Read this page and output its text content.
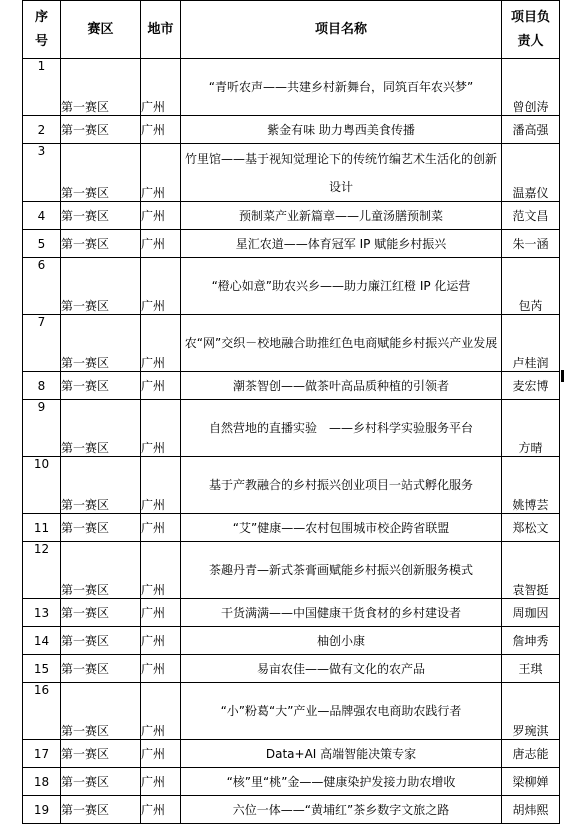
序号	赛区	地市	项目名称	项目负责人
1	第一赛区	广州	“青听农声——共建乡村新舞台，同筑百年农兴梦”	曾创涛
2	第一赛区	广州	紫金有味 助力粤西美食传播	潘高强
3	第一赛区	广州	竹里馆——基于视知觉理论下的传统竹编艺术生活化的创新设计	温嘉仪
4	第一赛区	广州	预制菜产业新篇章——儿童汤膳预制菜	范文昌
5	第一赛区	广州	星汇农道——体育冠军 IP 赋能乡村振兴	朱一涵
6	第一赛区	广州	“橙心如意”助农兴乡——助力廉江红橙 IP 化运营	包芮
7	第一赛区	广州	农“网”交织－校地融合助推红色电商赋能乡村振兴产业发展	卢桂润
8	第一赛区	广州	潮茶智创——做茶叶高品质种植的引领者	麦宏博
9	第一赛区	广州	自然营地的直播实验　——乡村科学实验服务平台	方晴
10	第一赛区	广州	基于产教融合的乡村振兴创业项目一站式孵化服务	姚博芸
11	第一赛区	广州	“艾”健康——农村包围城市校企跨省联盟	郑松文
12	第一赛区	广州	茶趣丹青—新式茶膏画赋能乡村振兴创新服务模式	袁智挺
13	第一赛区	广州	干货满满——中国健康干货食材的乡村建设者	周珈因
14	第一赛区	广州	柚创小康	詹坤秀
15	第一赛区	广州	易亩农佳——做有文化的农产品	王琪
16	第一赛区	广州	“小”粉葛“大”产业—品牌强农电商助农践行者	罗琬淇
17	第一赛区	广州	Data+AI 高端智能决策专家	唐志能
18	第一赛区	广州	“核”里“桃”金——健康染护发接力助农增收	梁柳婵
19	第一赛区	广州	六位一体——“黄埔红”茶乡数字文旅之路	胡炜熙
